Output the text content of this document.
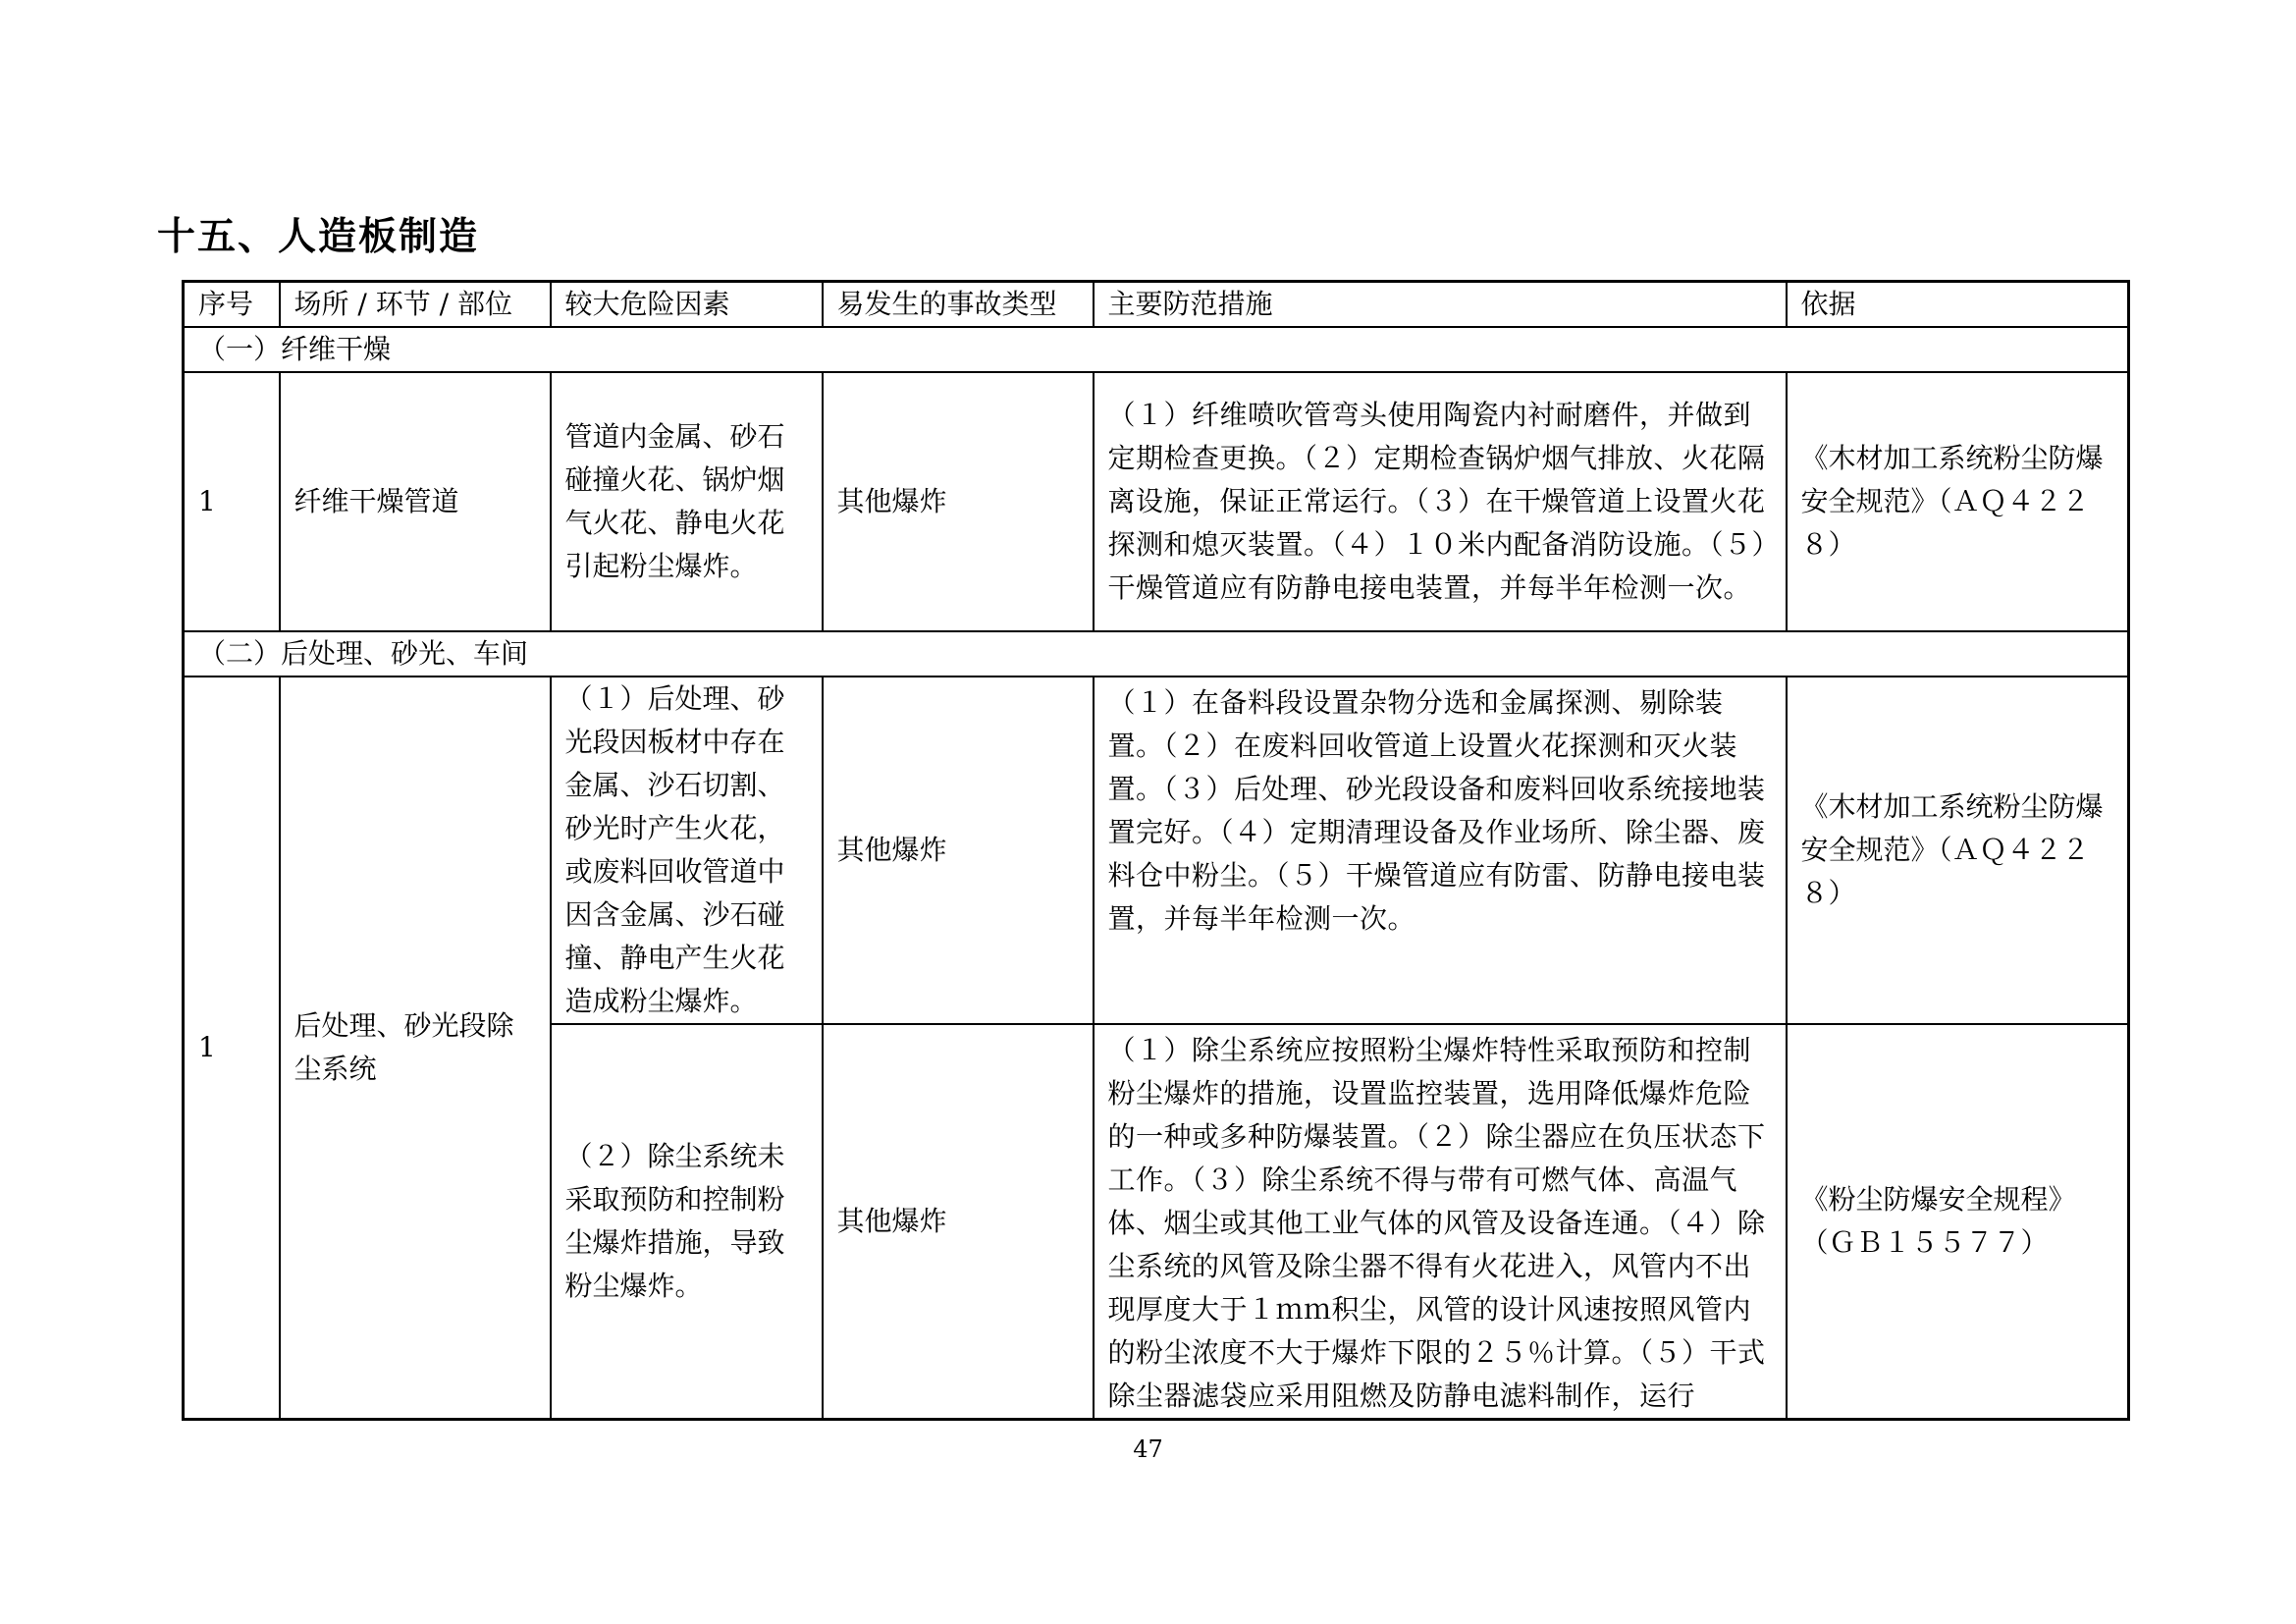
十五、人造板制造
序号	场所 / 环节 / 部位	较大危险因素	易发生的事故类型	主要防范措施	依据
（一）纤维干燥					
1	纤维干燥管道	管道内金属、砂石碰撞火花、锅炉烟气火花、静电火花引起粉尘爆炸。	其他爆炸	（１）纤维喷吹管弯头使用陶瓷内衬耐磨件，并做到定期检查更换。（２）定期检查锅炉烟气排放、火花隔离设施，保证正常运行。（３）在干燥管道上设置火花探测和熄灭装置。（４）１０米内配备消防设施。（５）干燥管道应有防静电接电装置，并每半年检测一次。	《木材加工系统粉尘防爆安全规范》（ＡＱ４２２８）
（二）后处理、砂光、车间					
1	后处理、砂光段除尘系统	（１）后处理、砂光段因板材中存在金属、沙石切割、砂光时产生火花，或废料回收管道中因含金属、沙石碰撞、静电产生火花造成粉尘爆炸。	其他爆炸	（１）在备料段设置杂物分选和金属探测、剔除装置。（２）在废料回收管道上设置火花探测和灭火装置。（３）后处理、砂光段设备和废料回收系统接地装置完好。（４）定期清理设备及作业场所、除尘器、废料仓中粉尘。（５）干燥管道应有防雷、防静电接电装置，并每半年检测一次。	《木材加工系统粉尘防爆安全规范》（ＡＱ４２２８）
		（２）除尘系统未采取预防和控制粉尘爆炸措施，导致粉尘爆炸。	其他爆炸	（１）除尘系统应按照粉尘爆炸特性采取预防和控制粉尘爆炸的措施，设置监控装置，选用降低爆炸危险的一种或多种防爆装置。（２）除尘器应在负压状态下工作。（３）除尘系统不得与带有可燃气体、高温气体、烟尘或其他工业气体的风管及设备连通。（４）除尘系统的风管及除尘器不得有火花进入，风管内不出现厚度大于１ｍｍ积尘，风管的设计风速按照风管内的粉尘浓度不大于爆炸下限的２５％计算。（５）干式除尘器滤袋应采用阻燃及防静电滤料制作，运行	《粉尘防爆安全规程》（ＧＢ１５５７７）
47
